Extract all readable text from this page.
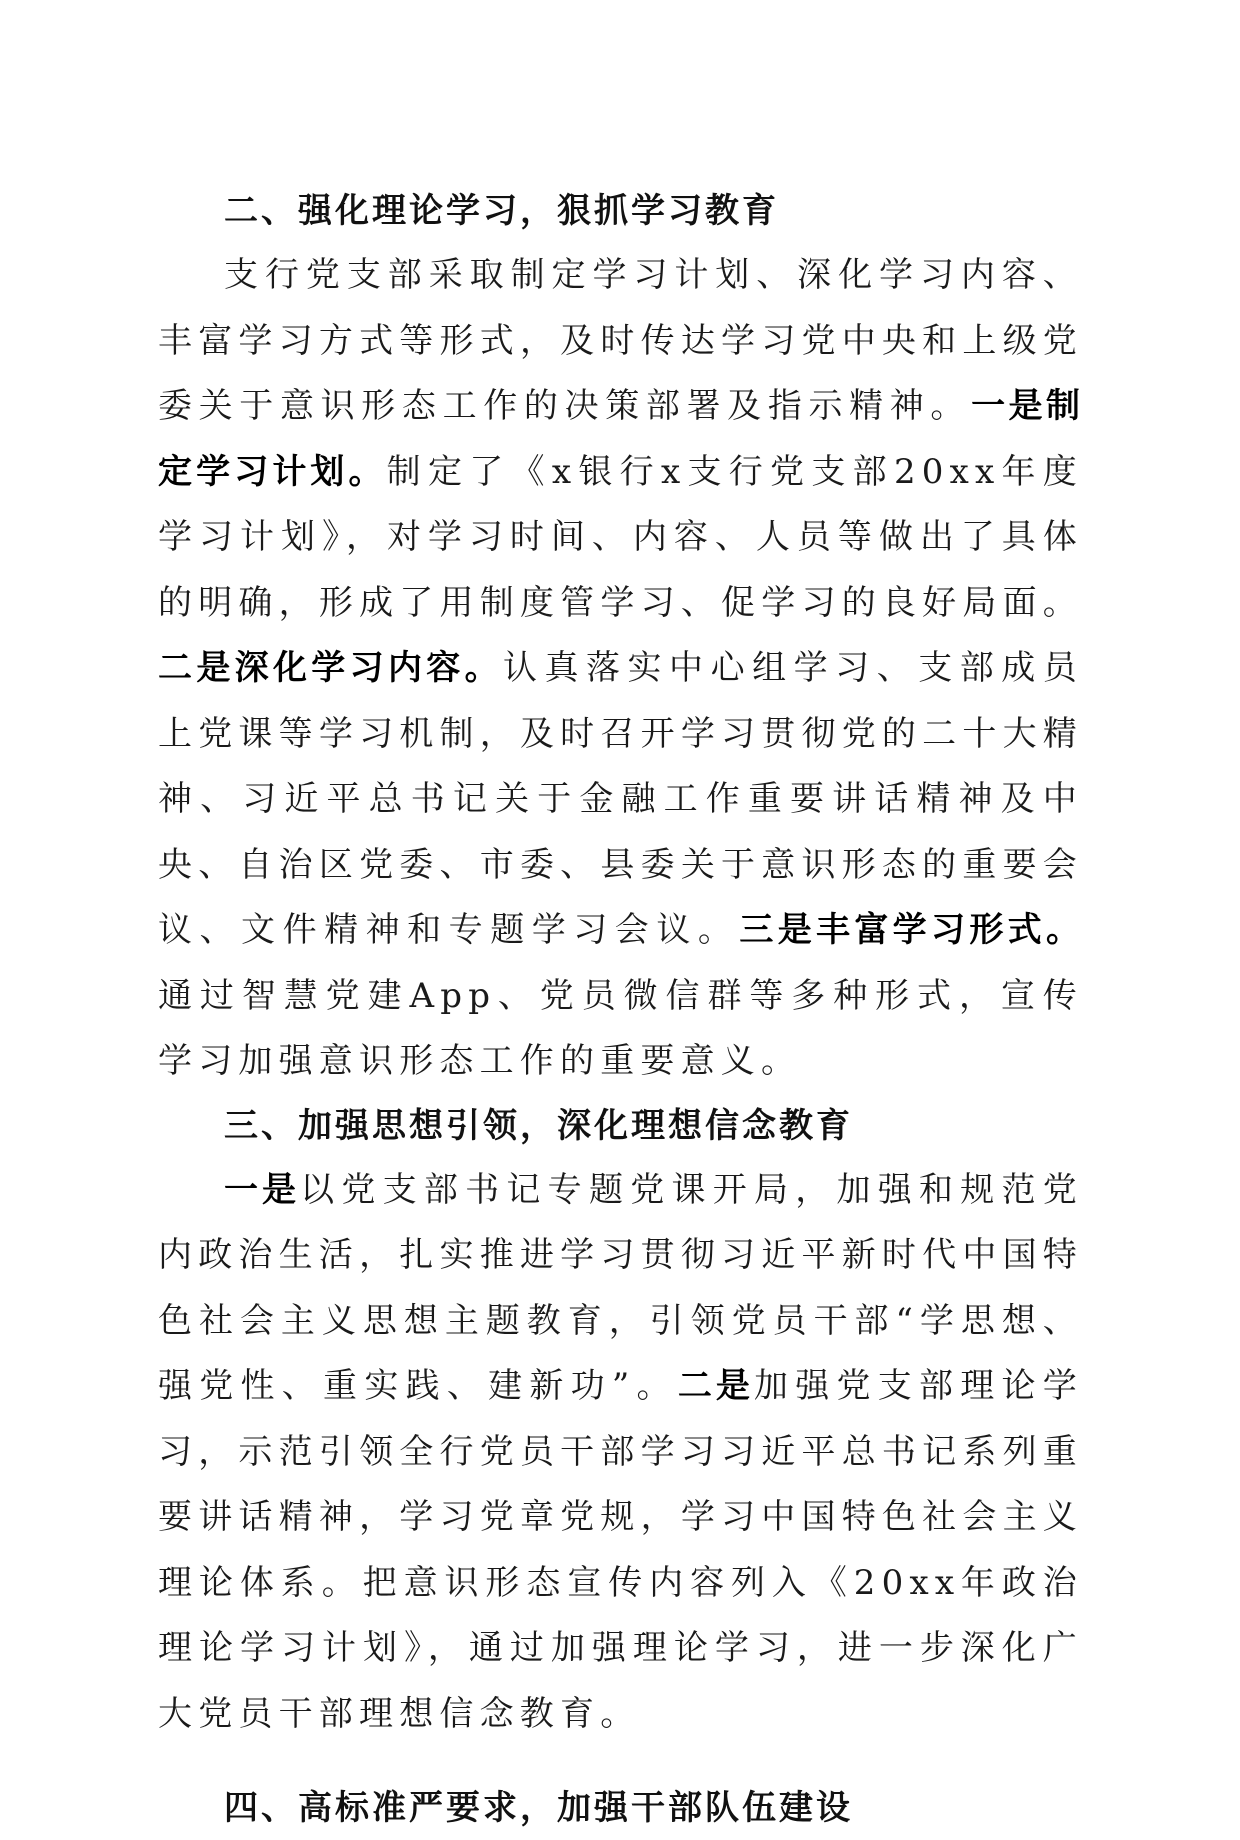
二、强化理论学习，狠抓学习教育

支行党支部采取制定学习计划、深化学习内容、丰富学习方式等形式，及时传达学习党中央和上级党委关于意识形态工作的决策部署及指示精神。一是制定学习计划。制定了《x银行x支行党支部20xx年度学习计划》，对学习时间、内容、人员等做出了具体的明确，形成了用制度管学习、促学习的良好局面。二是深化学习内容。认真落实中心组学习、支部成员上党课等学习机制，及时召开学习贯彻党的二十大精神、习近平总书记关于金融工作重要讲话精神及中央、自治区党委、市委、县委关于意识形态的重要会议、文件精神和专题学习会议。三是丰富学习形式。通过智慧党建App、党员微信群等多种形式，宣传学习加强意识形态工作的重要意义。

三、加强思想引领，深化理想信念教育

一是以党支部书记专题党课开局，加强和规范党内政治生活，扎实推进学习贯彻习近平新时代中国特色社会主义思想主题教育，引领党员干部“学思想、强党性、重实践、建新功”。二是加强党支部理论学习，示范引领全行党员干部学习习近平总书记系列重要讲话精神，学习党章党规，学习中国特色社会主义理论体系。把意识形态宣传内容列入《20xx年政治理论学习计划》，通过加强理论学习，进一步深化广大党员干部理想信念教育。

四、高标准严要求，加强干部队伍建设
